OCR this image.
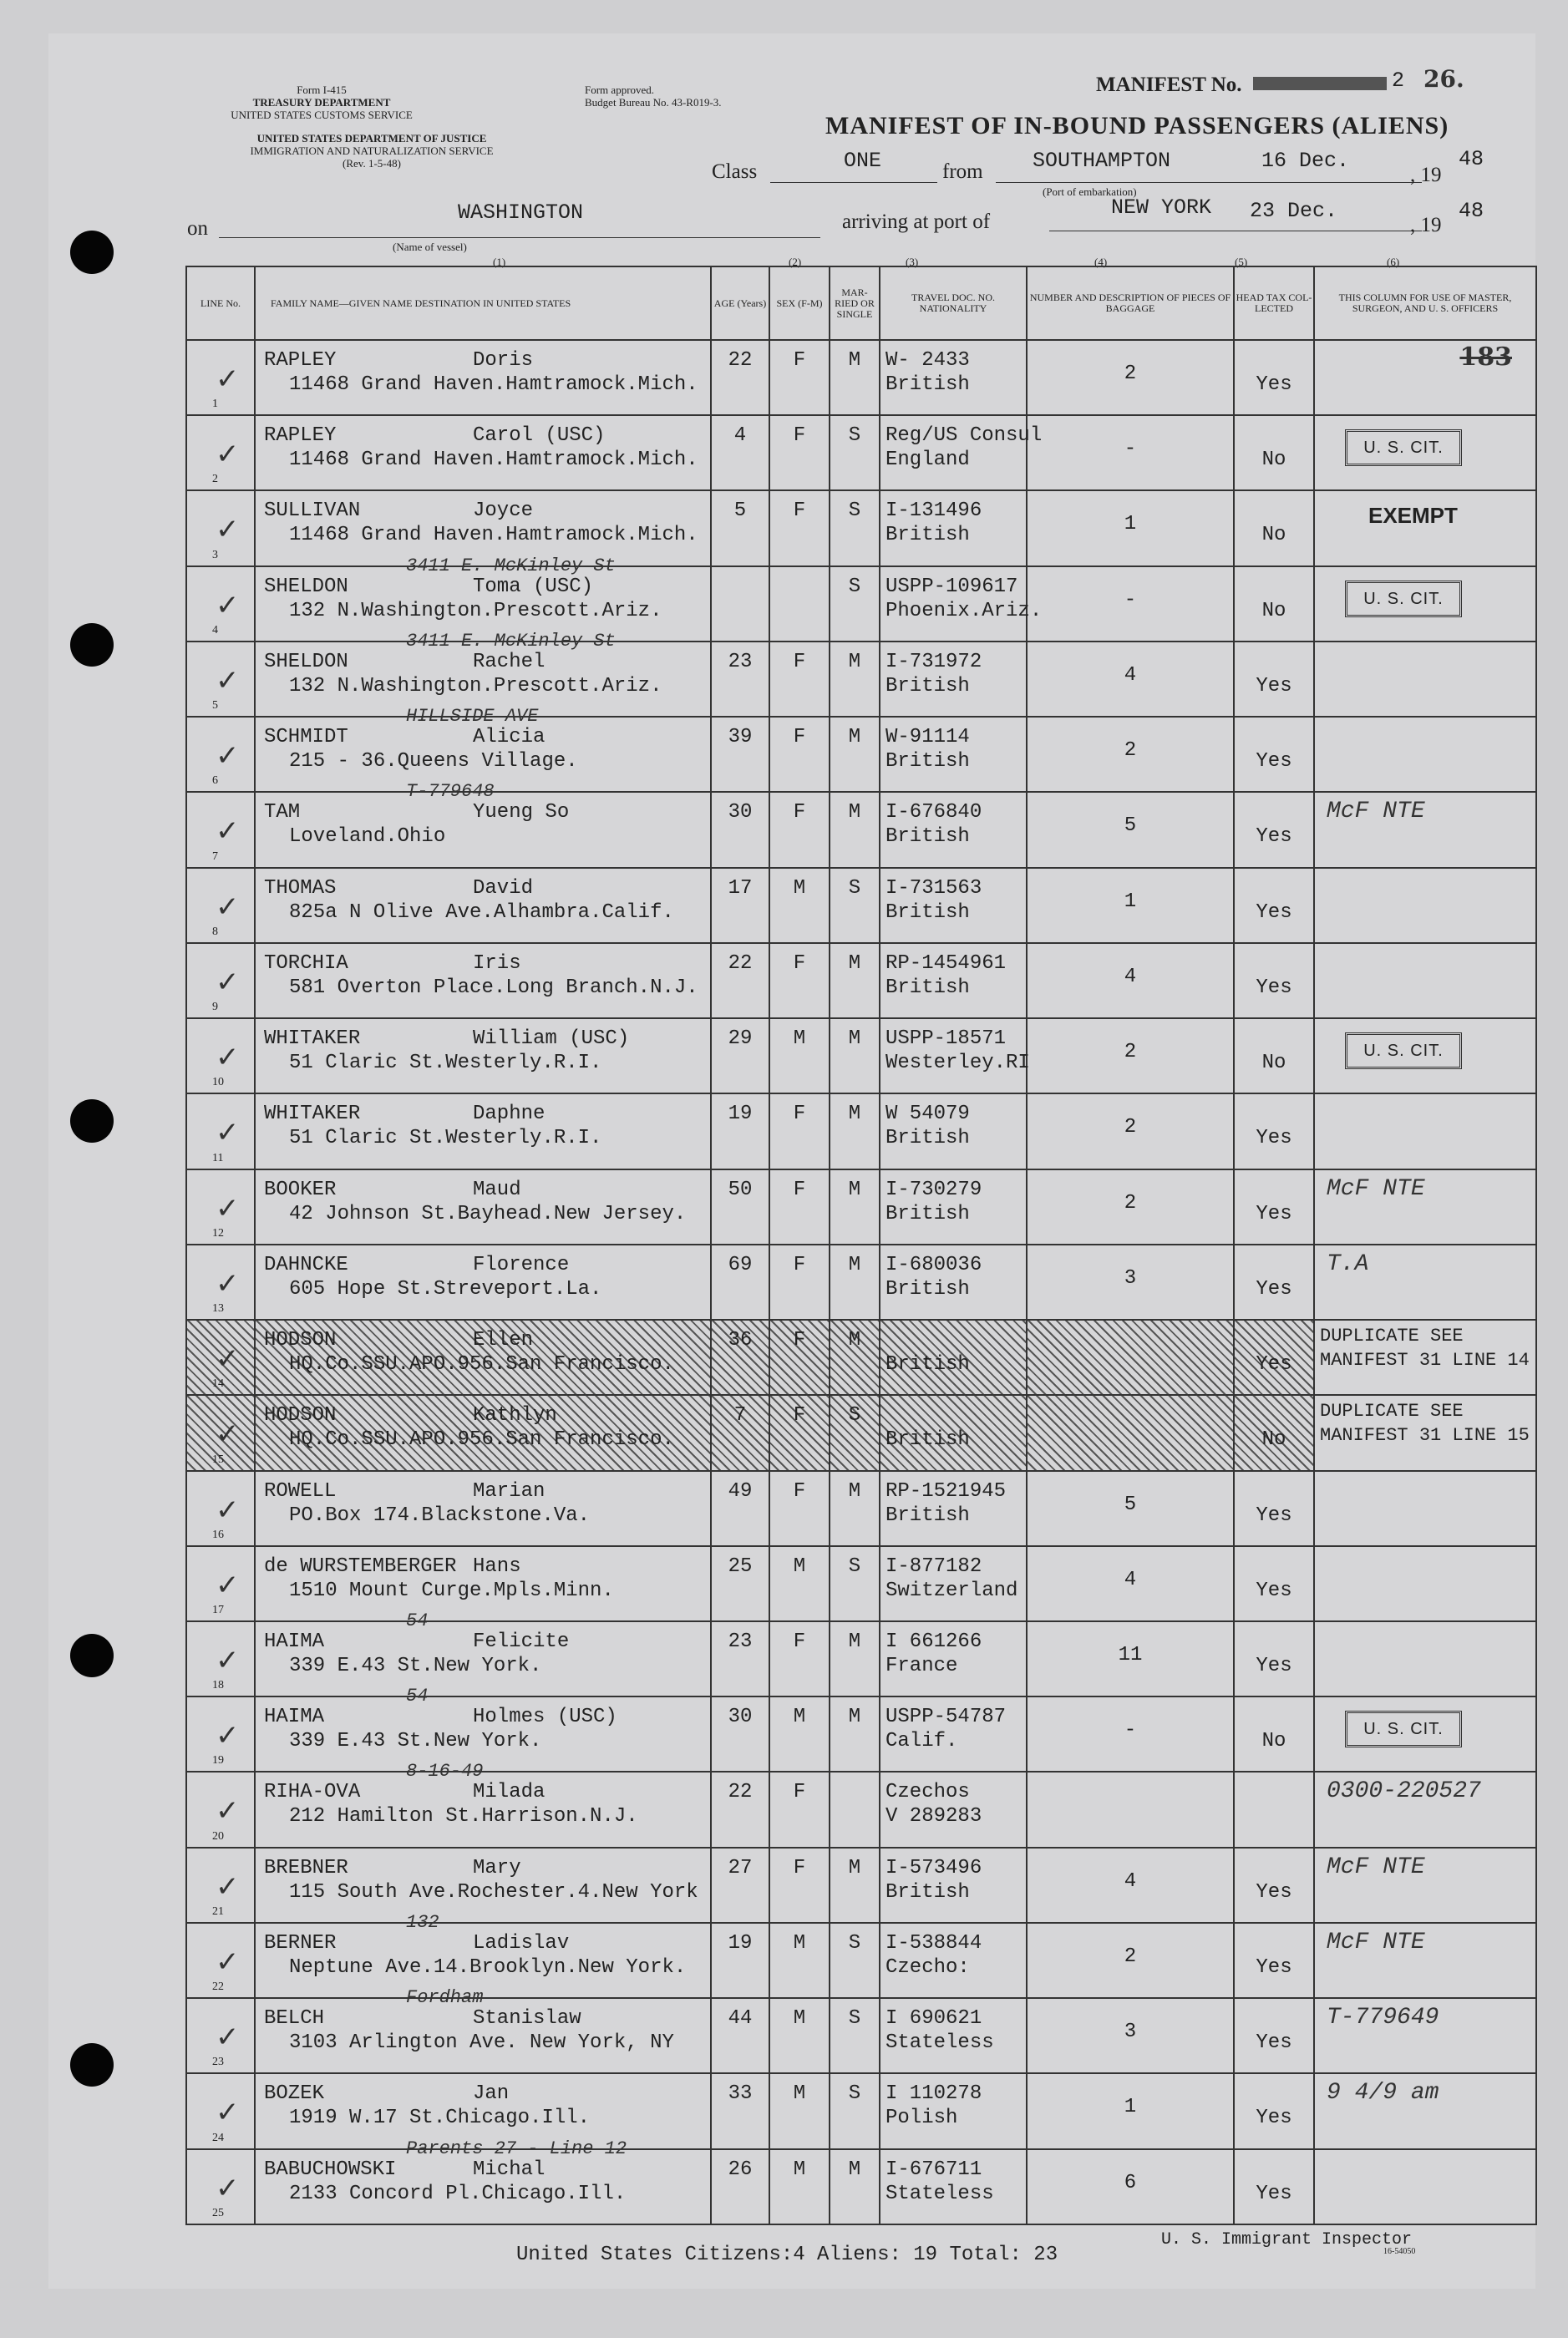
Form I-415
TREASURY DEPARTMENT
UNITED STATES CUSTOMS SERVICE
UNITED STATES DEPARTMENT OF JUSTICE
IMMIGRATION AND NATURALIZATION SERVICE
(Rev. 1-5-48)
Form approved.
Budget Bureau No. 43-R019-3.
MANIFEST No.	2 26.
MANIFEST OF IN-BOUND PASSENGERS (ALIENS)
Class	ONE	from SOUTHAMPTON	16 Dec.
, 19
48
(Port of embarkation)
on
WASHINGTON
(Name of vessel)
arriving at port of
NEW YORK 23 Dec.
, 19
48
(1)	(2)	(3)	(4)	(5)	(6)
LINE No.	FAMILY NAME—GIVEN NAME DESTINATION IN UNITED STATES	AGE (Years)	SEX (F-M)	MAR-RIED OR SINGLE	TRAVEL DOC. NO. NATIONALITY	NUMBER AND DESCRIPTION OF PIECES OF BAGGAGE	HEAD TAX COL-LECTED	THIS COLUMN FOR USE OF MASTER, SURGEON, AND U. S. OFFICERS
183

✓
1	RAPLEY Doris
11468 Grand Haven.Hamtramock.Mich.	22	F	M	W- 2433
British	2	Yes	

✓
2	RAPLEY Carol (USC)
11468 Grand Haven.Hamtramock.Mich.	4	F	S	Reg/US Consul
England	-	No	U. S. CIT.

✓
3	SULLIVAN Joyce
11468 Grand Haven.Hamtramock.Mich.	5	F	S	I-131496
British	1	No	EXEMPT

✓
4	SHELDON Toma (USC)
132 N.Washington.Prescott.Ariz.
3411 E. McKinley St			S	USPP-109617
Phoenix.Ariz.	-	No	U. S. CIT.

✓
5	SHELDON Rachel
132 N.Washington.Prescott.Ariz.
3411 E. McKinley St	23	F	M	I-731972
British	4	Yes	

✓
6	SCHMIDT Alicia
215 - 36.Queens Village.
HILLSIDE AVE	39	F	M	W-91114
British	2	Yes	

✓
7	TAM Yueng So
Loveland.Ohio
T-779648	30	F	M	I-676840
British	5	Yes	McF NTE

✓
8	THOMAS David
825a N Olive Ave.Alhambra.Calif.	17	M	S	I-731563
British	1	Yes	

✓
9	TORCHIA Iris
581 Overton Place.Long Branch.N.J.	22	F	M	RP-1454961
British	4	Yes	

✓
10	WHITAKER William (USC)
51 Claric St.Westerly.R.I.	29	M	M	USPP-18571
Westerley.RI	2	No	U. S. CIT.

✓
11	WHITAKER Daphne
51 Claric St.Westerly.R.I.	19	F	M	W 54079
British	2	Yes	

✓
12	BOOKER Maud
42 Johnson St.Bayhead.New Jersey.	50	F	M	I-730279
British	2	Yes	McF NTE

✓
13	DAHNCKE Florence
605 Hope St.Streveport.La.	69	F	M	I-680036
British	3	Yes	T.A

✓
14	HODSON Ellen
HQ.Co.SSU.APO.956.San Francisco.	36	F	M	British		Yes	DUPLICATE SEE MANIFEST 31 LINE 14

✓
15	HODSON Kathlyn
HQ.Co.SSU.APO.956.San Francisco.	7	F	S	British		No	DUPLICATE SEE MANIFEST 31 LINE 15

✓
16	ROWELL Marian
PO.Box 174.Blackstone.Va.	49	F	M	RP-1521945
British	5	Yes	

✓
17	de WURSTEMBERGER Hans
1510 Mount Curge.Mpls.Minn.	25	M	S	I-877182
Switzerland	4	Yes	

✓
18	HAIMA Felicite
339 E.43 St.New York.
54	23	F	M	I 661266
France	11	Yes	

✓
19	HAIMA Holmes (USC)
339 E.43 St.New York.
54	30	M	M	USPP-54787
Calif.	-	No	U. S. CIT.

✓
20	RIHA-OVA Milada
212 Hamilton St.Harrison.N.J.
8-16-49	22	F		Czechos
V 289283			0300-220527

✓
21	BREBNER Mary
115 South Ave.Rochester.4.New York	27	F	M	I-573496
British	4	Yes	McF NTE

✓
22	BERNER Ladislav
Neptune Ave.14.Brooklyn.New York.
132	19	M	S	I-538844
Czecho:	2	Yes	McF NTE

✓
23	BELCH Stanislaw
3103 Arlington Ave. New York, NY
Fordham	44	M	S	I 690621
Stateless	3	Yes	T-779649

✓
24	BOZEK Jan
1919 W.17 St.Chicago.Ill.	33	M	S	I 110278
Polish	1	Yes	9 4/9 am

✓
25	BABUCHOWSKI Michal
2133 Concord Pl.Chicago.Ill.
Parents 27 - Line 12	26	M	M	I-676711
Stateless	6	Yes	

U. S. Immigrant Inspector
16-54050
United States Citizens:4 Aliens: 19 Total: 23
